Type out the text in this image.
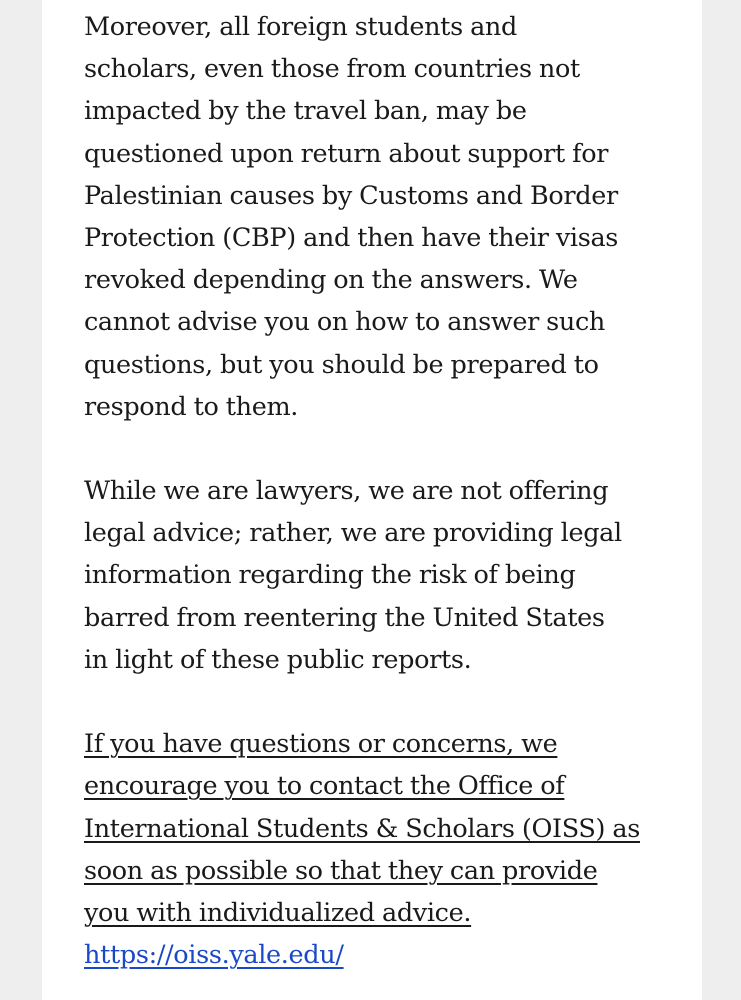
Moreover, all foreign students and
scholars, even those from countries not
impacted by the travel ban, may be
questioned upon return about support for
Palestinian causes by Customs and Border
Protection (CBP) and then have their visas
revoked depending on the answers. We
cannot advise you on how to answer such
questions, but you should be prepared to
respond to them.
While we are lawyers, we are not offering
legal advice; rather, we are providing legal
information regarding the risk of being
barred from reentering the United States
in light of these public reports.
If you have questions or concerns, we
encourage you to contact the Office of
International Students & Scholars (OISS) as
soon as possible so that they can provide
you with individualized advice.
https://oiss.yale.edu/
